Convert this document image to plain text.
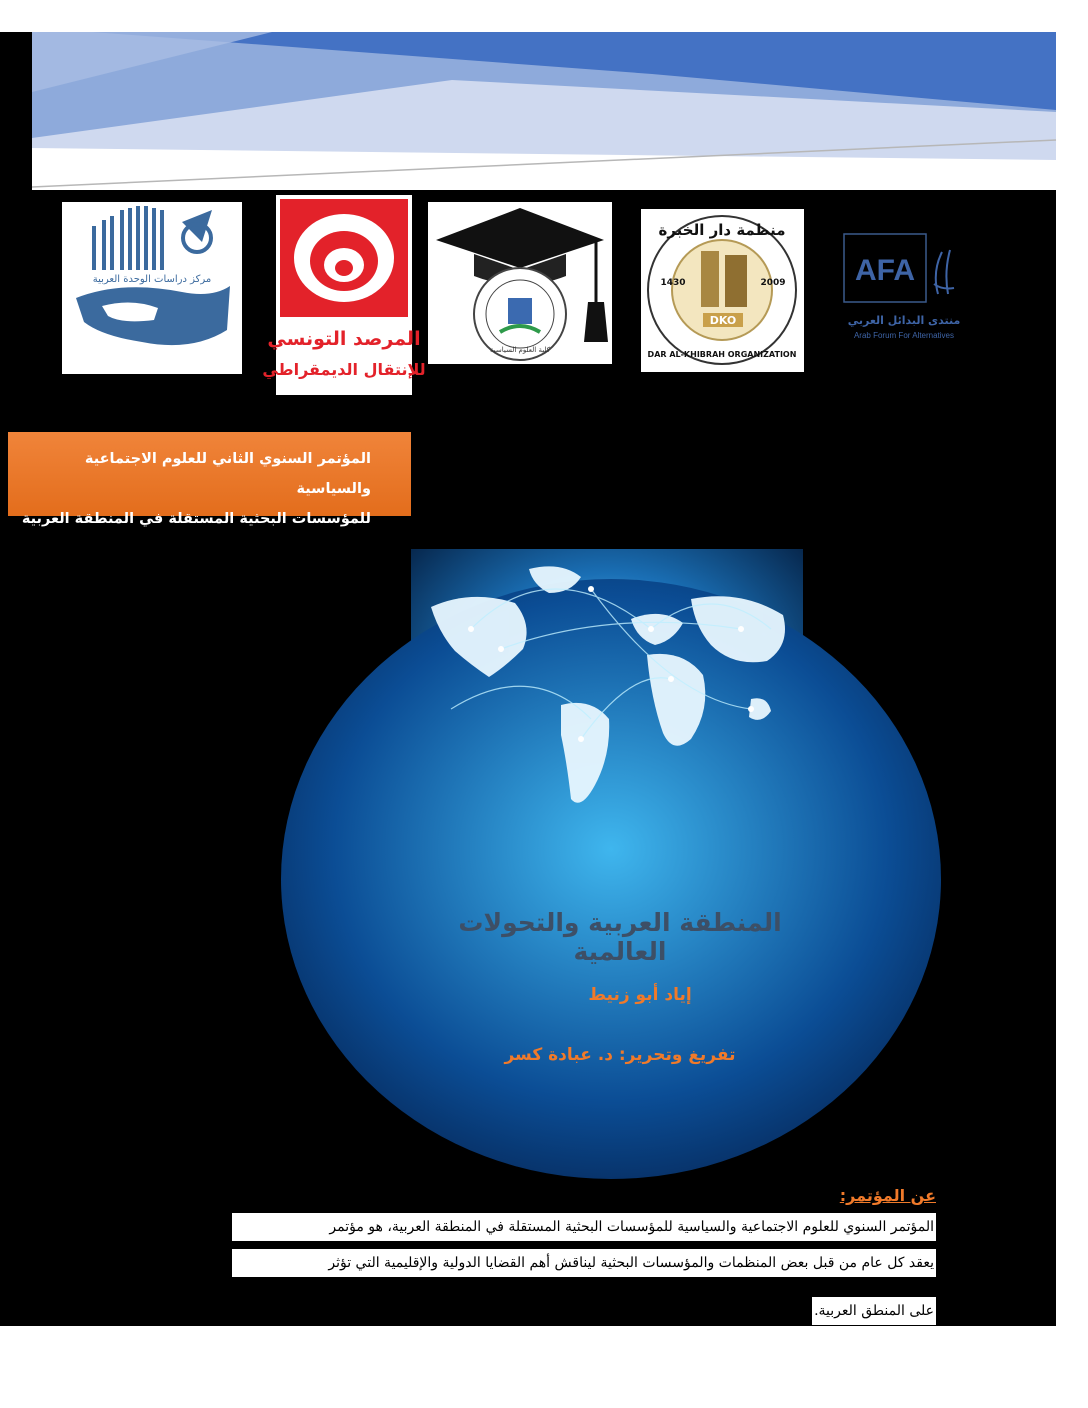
مركز دراسات الوحدة العربية
المرصد التونسي
للإنتقال الديمقراطي
كلية العلوم السياسية
DKO
منظمة دار الخبرة
1430	2009
DAR AL-KHIBRAH ORGANIZATION
AFA
منتدى البدائل العربي
Arab Forum For Alternatives
المؤتمر السنوي الثاني للعلوم الاجتماعية والسياسية
للمؤسسات البحثية المستقلة في المنطقة العربية
المنطقة العربية والتحولات العالمية
إياد أبو زنيط
تفريغ وتحرير: د. عبادة كسر
عن المؤتمر:
المؤتمر السنوي للعلوم الاجتماعية والسياسية للمؤسسات البحثية المستقلة في المنطقة العربية، هو مؤتمر
يعقد كل عام من قبل بعض المنظمات والمؤسسات البحثية ليناقش أهم القضايا الدولية والإقليمية التي تؤثر
على المنطق العربية.
